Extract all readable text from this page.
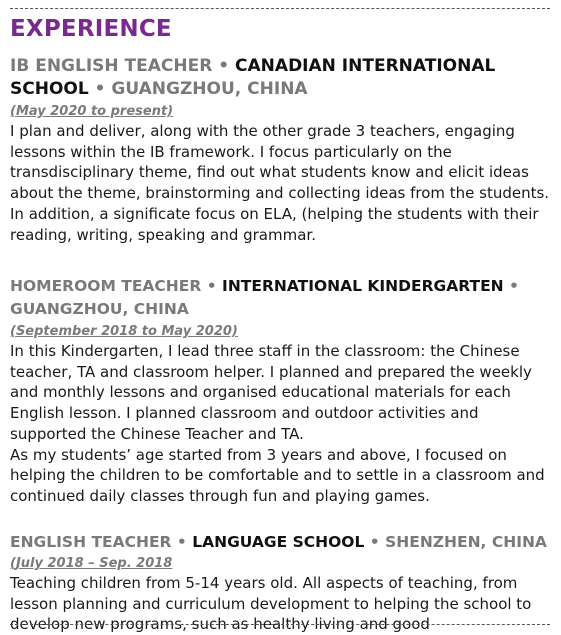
EXPERIENCE
IB ENGLISH TEACHER • CANADIAN INTERNATIONAL
SCHOOL • GUANGZHOU, CHINA
(May 2020 to present)

I plan and deliver, along with the other grade 3 teachers, engaging lessons within the IB framework. I focus particularly on the transdisciplinary theme, find out what students know and elicit ideas about the theme, brainstorming and collecting ideas from the students. In addition, a significate focus on ELA, (helping the students with their reading, writing, speaking and grammar.

HOMEROOM TEACHER • INTERNATIONAL KINDERGARTEN •
GUANGZHOU, CHINA
(September 2018 to May 2020)

In this Kindergarten, I lead three staff in the classroom: the Chinese teacher, TA and classroom helper. I planned and prepared the weekly and monthly lessons and organised educational materials for each English lesson. I planned classroom and outdoor activities and supported the Chinese Teacher and TA.

As my students’ age started from 3 years and above, I focused on helping the children to be comfortable and to settle in a classroom and continued daily classes through fun and playing games.

ENGLISH TEACHER • LANGUAGE SCHOOL • SHENZHEN, CHINA
(July 2018 – Sep. 2018

Teaching children from 5-14 years old. All aspects of teaching, from lesson planning and curriculum development to helping the school to develop new programs, such as healthy living and good
